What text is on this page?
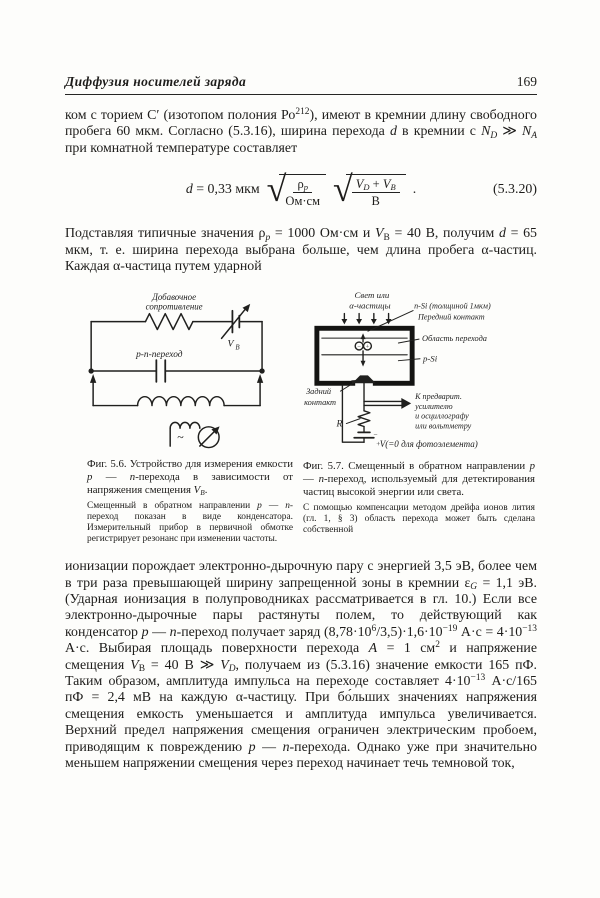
Диффузия носителей заряда	169

ком с торием С′ (изотопом полония $Ро^{212}$), имеют в кремнии длину свободного пробега 60 мкм. Согласно (5.3.16), ширина перехода d в кремнии с $N_D$ ≫ $N_A$ при комнатной температуре составляет

d = 0,33 мкм √ $\frac{\rho_p}{Ом\cdot см}$ √ $\frac{V_D + V_B}{В}$ .	(5.3.20)

Подставляя типичные значения $\rho_p = 1000$ Ом·см и $V_B = 40$ В, получим d = 65 мкм, т. е. ширина перехода выбрана больше, чем длина пробега α-частиц. Каждая α-частица путем ударной

Добавочное
сопротивление
p-n-переход
V B
~
Фиг. 5.6. Устройство для измерения емкости p — n-перехода в зависимости от напряжения смещения $V_B$.
Смещенный в обратном направлении p — n-переход показан в виде конденсатора. Измерительный прибор в первичной обмотке регистрирует резонанс при изменении частоты.
Свет или
α-частицы	n-Si (толщиной 1мкм)
Передний контакт
Область перехода
p-Si
Задний
контакт
R
К предварит.
усилителю
и осциллографу
или вольтметру
V(=0 для фотоэлемента)
−
+
− +
Фиг. 5.7. Смещенный в обратном направлении p — n-переход, используемый для детектирования частиц высокой энергии или света.
С помощью компенсации методом дрейфа ионов лития (гл. 1, § 3) область перехода может быть сделана собственной

ионизации порождает электронно-дырочную пару с энергией 3,5 эВ, более чем в три раза превышающей ширину запрещенной зоны в кремнии $\varepsilon_G = 1,1$ эВ. (Ударная ионизация в полупроводниках рассматривается в гл. 10.) Если все электронно-дырочные пары растянуты полем, то действующий как конденсатор p — n-переход получает заряд $(8,78\cdot 10^6/3,5)\cdot 1,6\cdot 10^{-19}$ $А\cdot с = 4\cdot 10^{-13}$ А·с. Выбирая площадь поверхности перехода A = 1 $см^2$ и напряжение смещения $V_B = 40$ В ≫ $V_D$, получаем из (5.3.16) значение емкости 165 пФ. Таким образом, амплитуда импульса на переходе составляет $4\cdot 10^{-13}$ А·с/165 пФ = 2,4 мВ на каждую α-частицу. При бо́льших значениях напряжения смещения емкость уменьшается и амплитуда импульса увеличивается. Верхний предел напряжения смещения ограничен электрическим пробоем, приводящим к повреждению p — n-перехода. Однако уже при значительно меньшем напряжении смещения через переход начинает течь темновой ток,
